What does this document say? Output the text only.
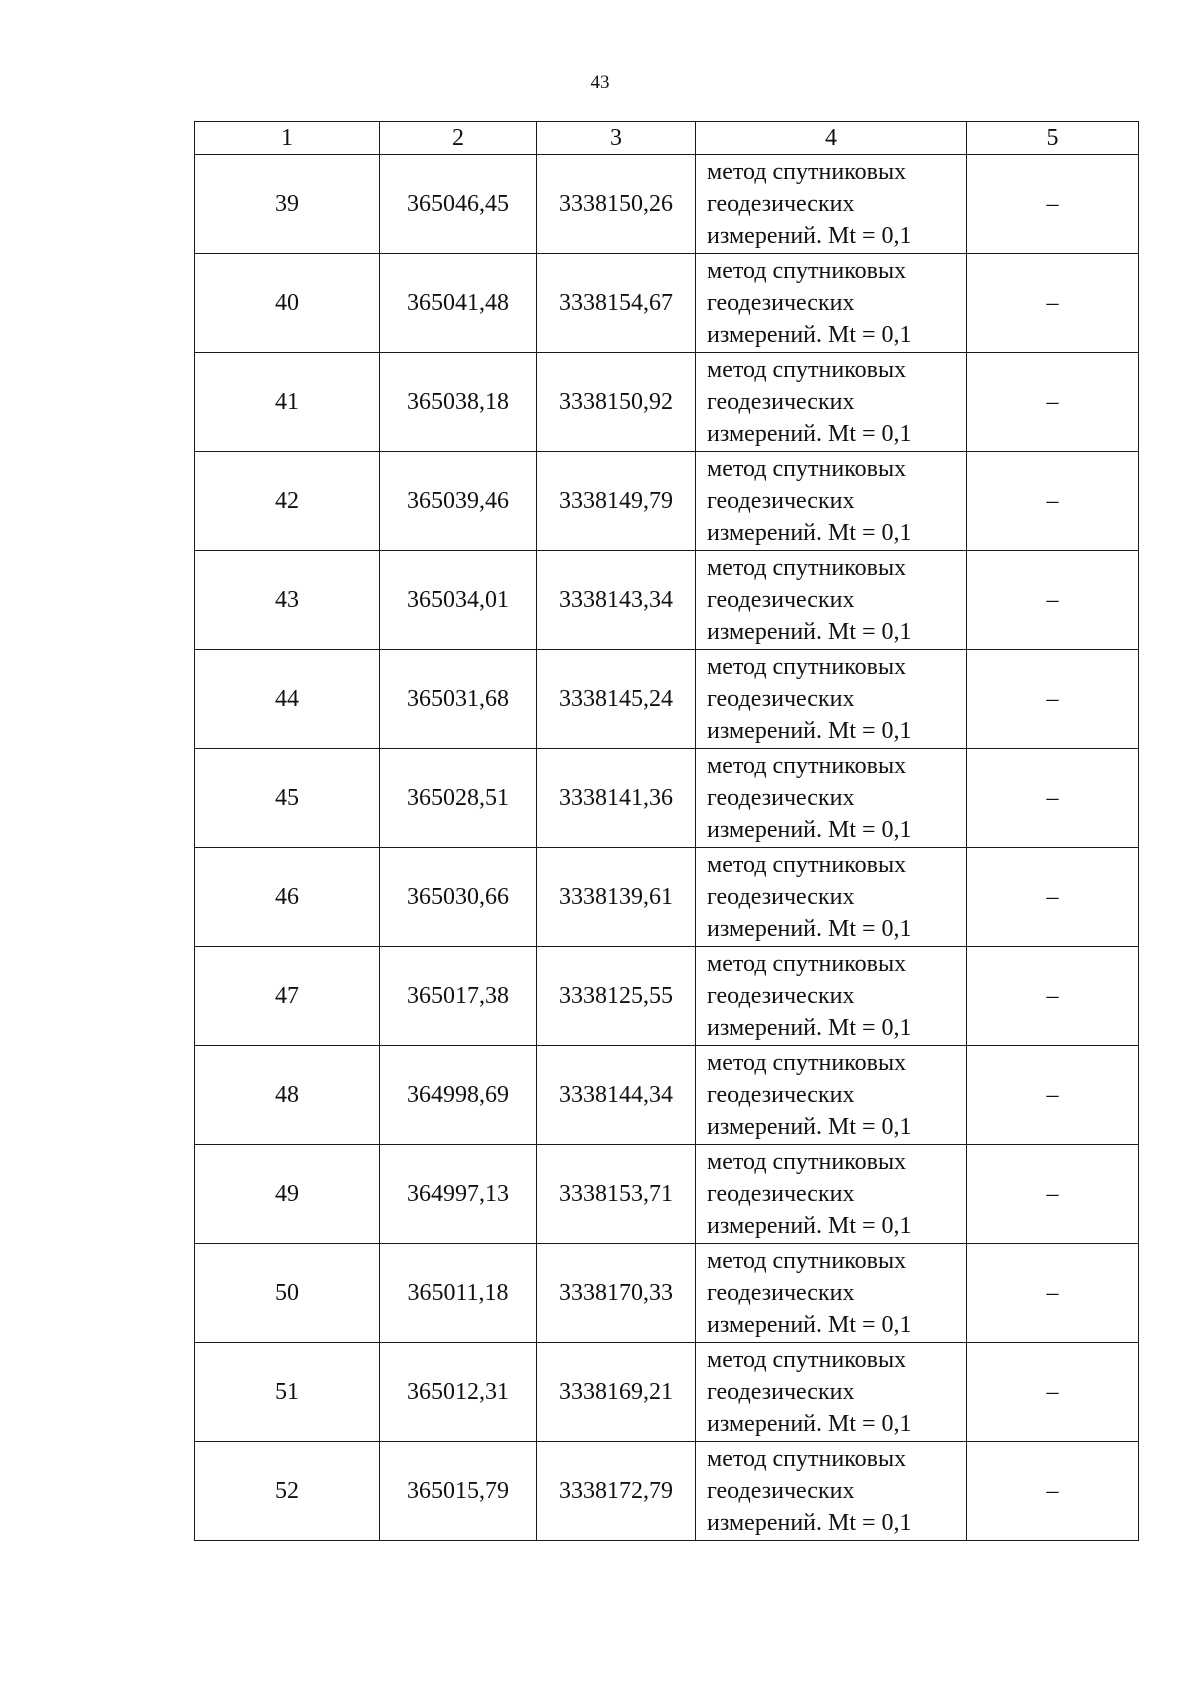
43
1	2	3	4	5
39	365046,45	3338150,26	метод спутниковых
геодезических
измерений. Mt = 0,1	–
40	365041,48	3338154,67	метод спутниковых
геодезических
измерений. Mt = 0,1	–
41	365038,18	3338150,92	метод спутниковых
геодезических
измерений. Mt = 0,1	–
42	365039,46	3338149,79	метод спутниковых
геодезических
измерений. Mt = 0,1	–
43	365034,01	3338143,34	метод спутниковых
геодезических
измерений. Mt = 0,1	–
44	365031,68	3338145,24	метод спутниковых
геодезических
измерений. Mt = 0,1	–
45	365028,51	3338141,36	метод спутниковых
геодезических
измерений. Mt = 0,1	–
46	365030,66	3338139,61	метод спутниковых
геодезических
измерений. Mt = 0,1	–
47	365017,38	3338125,55	метод спутниковых
геодезических
измерений. Mt = 0,1	–
48	364998,69	3338144,34	метод спутниковых
геодезических
измерений. Mt = 0,1	–
49	364997,13	3338153,71	метод спутниковых
геодезических
измерений. Mt = 0,1	–
50	365011,18	3338170,33	метод спутниковых
геодезических
измерений. Mt = 0,1	–
51	365012,31	3338169,21	метод спутниковых
геодезических
измерений. Mt = 0,1	–
52	365015,79	3338172,79	метод спутниковых
геодезических
измерений. Mt = 0,1	–
